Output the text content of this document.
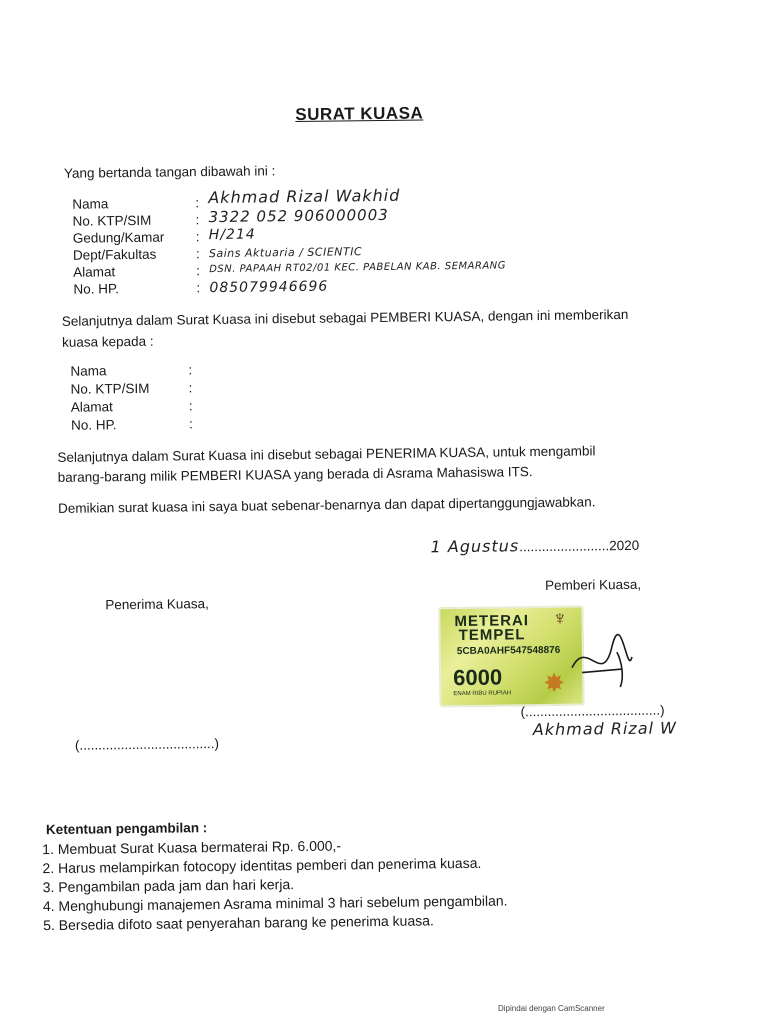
SURAT KUASA
Yang bertanda tangan dibawah ini :
Nama
No. KTP/SIM
Gedung/Kamar
Dept/Fakultas
Alamat
No. HP.
:
:
:
:
:
:
Akhmad Rizal Wakhid
3322 052 906000003
H/214
Sains Aktuaria / SCIENTIC
DSN. PAPAAH RT02/01 KEC. PABELAN KAB. SEMARANG
085079946696
Selanjutnya dalam Surat Kuasa ini disebut sebagai PEMBERI KUASA, dengan ini memberikan
kuasa kepada :
Nama
No. KTP/SIM
Alamat
No. HP.
:
:
:
:
Selanjutnya dalam Surat Kuasa ini disebut sebagai PENERIMA KUASA, untuk mengambil
barang-barang milik PEMBERI KUASA yang berada di Asrama Mahasiswa ITS.
Demikian surat kuasa ini saya buat sebenar-benarnya dan dapat dipertanggungjawabkan.
1 Agustus........................2020
Pemberi Kuasa,
Penerima Kuasa,
METERAI
TEMPEL
5CBA0AHF547548876
6000
ENAM RIBU RUPIAH ✸
♆
(....................................)
Akhmad Rizal W
(....................................)
Ketentuan pengambilan :
1. Membuat Surat Kuasa bermaterai Rp. 6.000,-
2. Harus melampirkan fotocopy identitas pemberi dan penerima kuasa.
3. Pengambilan pada jam dan hari kerja.
4. Menghubungi manajemen Asrama minimal 3 hari sebelum pengambilan.
5. Bersedia difoto saat penyerahan barang ke penerima kuasa.
Dipindai dengan CamScanner
